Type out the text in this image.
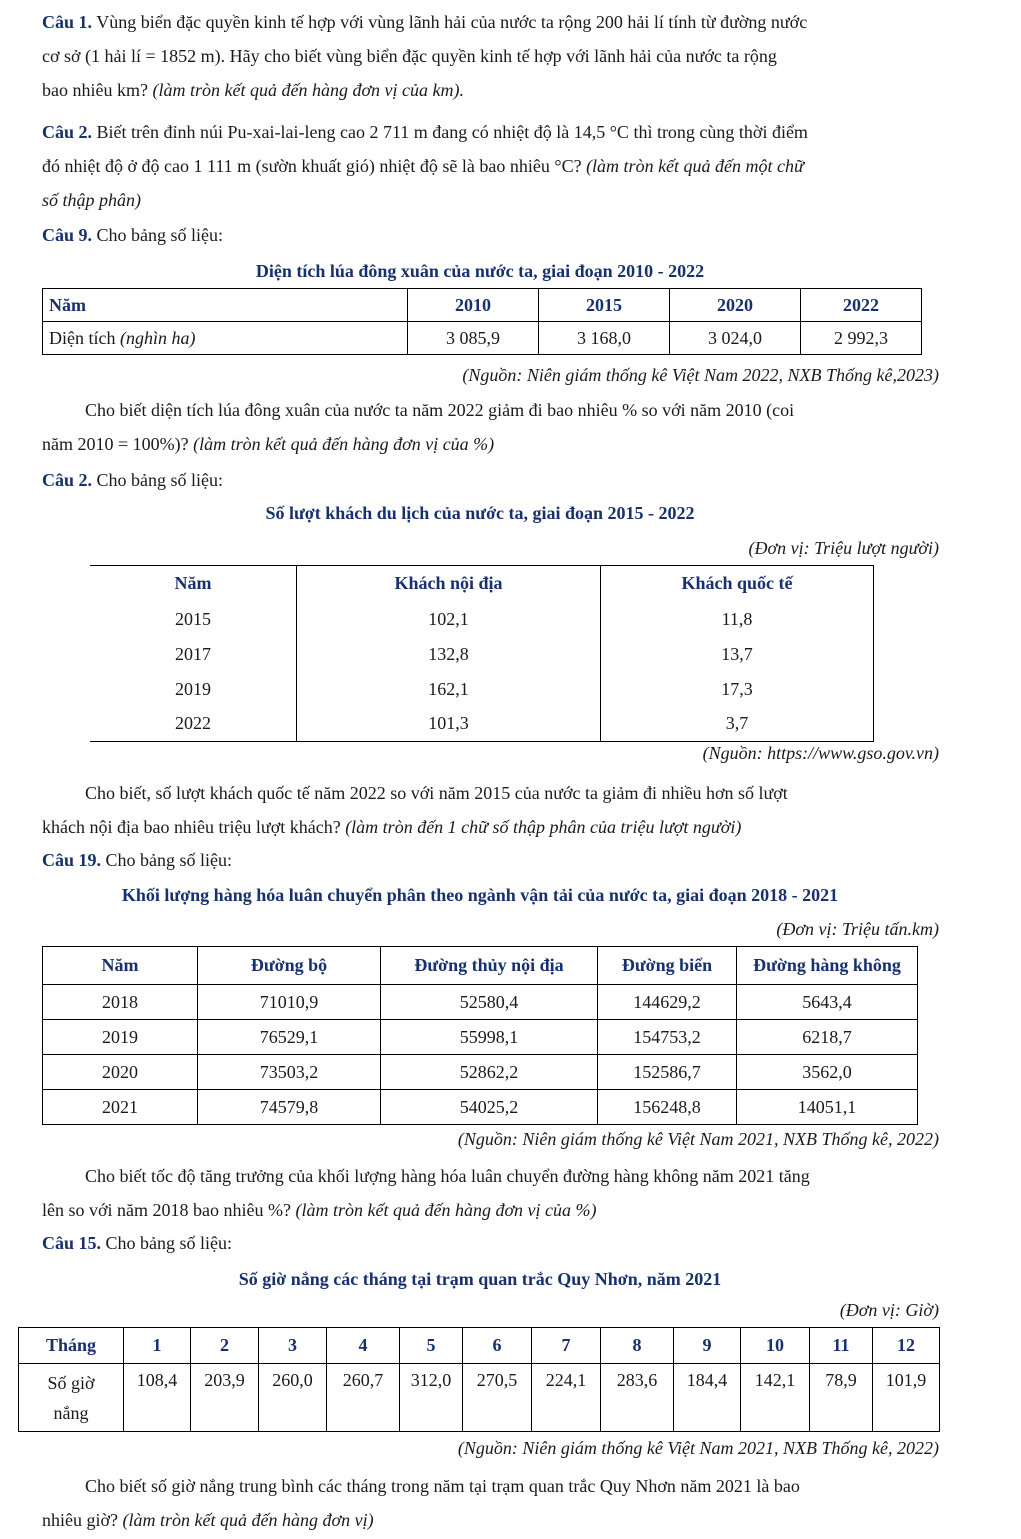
Câu 1. Vùng biển đặc quyền kinh tế hợp với vùng lãnh hải của nước ta rộng 200 hải lí tính từ đường nước

cơ sở (1 hải lí = 1852 m). Hãy cho biết vùng biển đặc quyền kinh tế hợp với lãnh hải của nước ta rộng

bao nhiêu km? (làm tròn kết quả đến hàng đơn vị của km).

Câu 2. Biết trên đỉnh núi Pu-xai-lai-leng cao 2 711 m đang có nhiệt độ là 14,5 °C thì trong cùng thời điểm

đó nhiệt độ ở độ cao 1 111 m (sườn khuất gió) nhiệt độ sẽ là bao nhiêu °C? (làm tròn kết quả đến một chữ

số thập phân)

Câu 9. Cho bảng số liệu:

Diện tích lúa đông xuân của nước ta, giai đoạn 2010 - 2022
Năm	2010	2015	2020	2022
Diện tích (nghìn ha)	3 085,9	3 168,0	3 024,0	2 992,3
(Nguồn: Niên giám thống kê Việt Nam 2022, NXB Thống kê,2023)

Cho biết diện tích lúa đông xuân của nước ta năm 2022 giảm đi bao nhiêu % so với năm 2010 (coi

năm 2010 = 100%)? (làm tròn kết quả đến hàng đơn vị của %)

Câu 2. Cho bảng số liệu:

Số lượt khách du lịch của nước ta, giai đoạn 2015 - 2022
(Đơn vị: Triệu lượt người)
Năm	Khách nội địa	Khách quốc tế
2015	102,1	11,8
2017	132,8	13,7
2019	162,1	17,3
2022	101,3	3,7
(Nguồn: https://www.gso.gov.vn)

Cho biết, số lượt khách quốc tế năm 2022 so với năm 2015 của nước ta giảm đi nhiều hơn số lượt

khách nội địa bao nhiêu triệu lượt khách? (làm tròn đến 1 chữ số thập phân của triệu lượt người)

Câu 19. Cho bảng số liệu:

Khối lượng hàng hóa luân chuyển phân theo ngành vận tải của nước ta, giai đoạn 2018 - 2021
(Đơn vị: Triệu tấn.km)
Năm	Đường bộ	Đường thủy nội địa	Đường biển	Đường hàng không
2018	71010,9	52580,4	144629,2	5643,4
2019	76529,1	55998,1	154753,2	6218,7
2020	73503,2	52862,2	152586,7	3562,0
2021	74579,8	54025,2	156248,8	14051,1
(Nguồn: Niên giám thống kê Việt Nam 2021, NXB Thống kê, 2022)

Cho biết tốc độ tăng trưởng của khối lượng hàng hóa luân chuyển đường hàng không năm 2021 tăng

lên so với năm 2018 bao nhiêu %? (làm tròn kết quả đến hàng đơn vị của %)

Câu 15. Cho bảng số liệu:

Số giờ nắng các tháng tại trạm quan trắc Quy Nhơn, năm 2021
(Đơn vị: Giờ)
Tháng	1	2	3	4	5	6	7	8	9	10	11	12
Số giờ
nắng	108,4	203,9	260,0	260,7	312,0	270,5	224,1	283,6	184,4	142,1	78,9	101,9
(Nguồn: Niên giám thống kê Việt Nam 2021, NXB Thống kê, 2022)

Cho biết số giờ nắng trung bình các tháng trong năm tại trạm quan trắc Quy Nhơn năm 2021 là bao

nhiêu giờ? (làm tròn kết quả đến hàng đơn vị)
